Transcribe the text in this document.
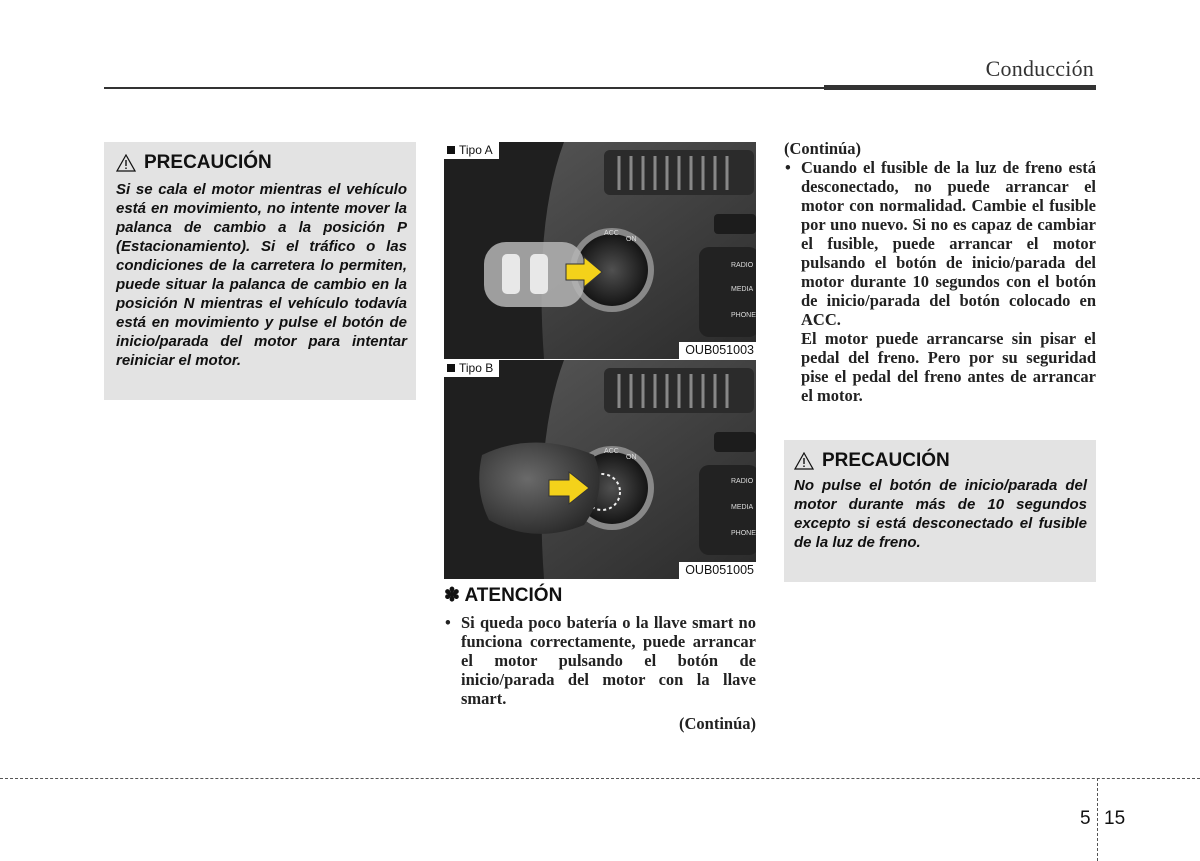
Conducción
PRECAUCIÓN

Si se cala el motor mientras el vehículo está en movimiento, no intente mover la palanca de cambio a la posición P (Estacionamiento). Si el tráfico o las condiciones de la carretera lo permiten, puede situar la palanca de cambio en la posición N mientras el vehículo todavía está en movimiento y pulse el botón de inicio/parada del motor para intentar reiniciar el motor.

ACC
ON
RADIO
MEDIA
PHONE
Tipo A
OUB051003
ACC
ON
RADIO
MEDIA
PHONE
Tipo B
OUB051005
✽ ATENCIÓN
• Si queda poco batería o la llave smart no funciona correctamente, puede arrancar el motor pulsando el botón de inicio/parada del motor con la llave smart.
(Continúa)
(Continúa)
• Cuando el fusible de la luz de freno está desconectado, no puede arrancar el motor con normalidad. Cambie el fusible por uno nuevo. Si no es capaz de cambiar el fusible, puede arrancar el motor pulsando el botón de inicio/parada del motor durante 10 segundos con el botón de inicio/parada del botón colocado en ACC.

El motor puede arrancarse sin pisar el pedal del freno. Pero por su seguridad pise el pedal del freno antes de arrancar el motor.

PRECAUCIÓN

No pulse el botón de inicio/parada del motor durante más de 10 segundos excepto si está desconectado el fusible de la luz de freno.

5 15
